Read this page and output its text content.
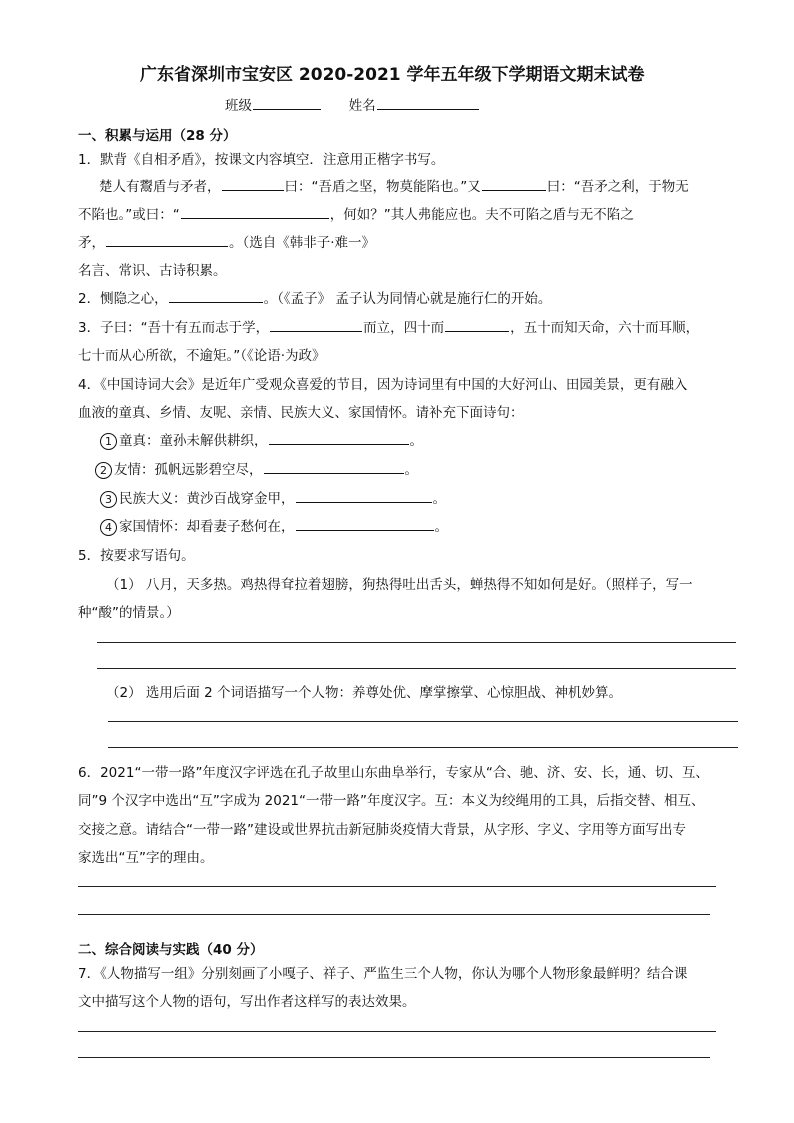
广东省深圳市宝安区 2020-2021 学年五年级下学期语文期末试卷
班级	姓名
一、积累与运用（28 分）
1．默背《自相矛盾》，按课文内容填空．注意用正楷字书写。
楚人有鬻盾与矛者，	曰：“吾盾之坚，物莫能陷也。”又	曰：“吾矛之利，于物无
不陷也。”或曰：“	，何如？”其人弗能应也。夫不可陷之盾与无不陷之
矛，	。（选自《韩非子·难一》
名言、常识、古诗积累。
2．恻隐之心，	。（《孟子》 孟子认为同情心就是施行仁的开始。
3．子曰：“吾十有五而志于学，	而立，四十而	，五十而知天命，六十而耳顺，
七十而从心所欲，不逾矩。”（《论语·为政》
4．《中国诗词大会》是近年广受观众喜爱的节目，因为诗词里有中国的大好河山、田园美景，更有融入
血液的童真、乡情、友呢、亲情、民族大义、家国情怀。请补充下面诗句：
1 童真：童孙未解供耕织，	。
2 友情：孤帆远影碧空尽，	。
3 民族大义：黄沙百战穿金甲，	。
4 家国情怀：却看妻子愁何在，	。
5．按要求写语句。
（1） 八月，天多热。鸡热得耷拉着翅膀，狗热得吐出舌头，蝉热得不知如何是好。（照样子，写一
种“酸”的情景。）
（2） 选用后面 2 个词语描写一个人物：养尊处优、摩掌擦掌、心惊胆战、神机妙算。
6．2021“一带一路”年度汉字评选在孔子故里山东曲阜举行，专家从“合、驰、济、安、长，通、切、互、
同”9 个汉字中选出“互”字成为 2021“一带一路”年度汉字。互：本义为绞绳用的工具，后指交替、相互、
交接之意。请结合“一带一路”建设或世界抗击新冠肺炎疫情大背景，从字形、字义、字用等方面写出专
家选出“互”字的理由。
二、综合阅读与实践（40 分）
7．《人物描写一组》分别刻画了小嘎子、祥子、严监生三个人物，你认为哪个人物形象最鲜明？结合课
文中描写这个人物的语句，写出作者这样写的表达效果。
